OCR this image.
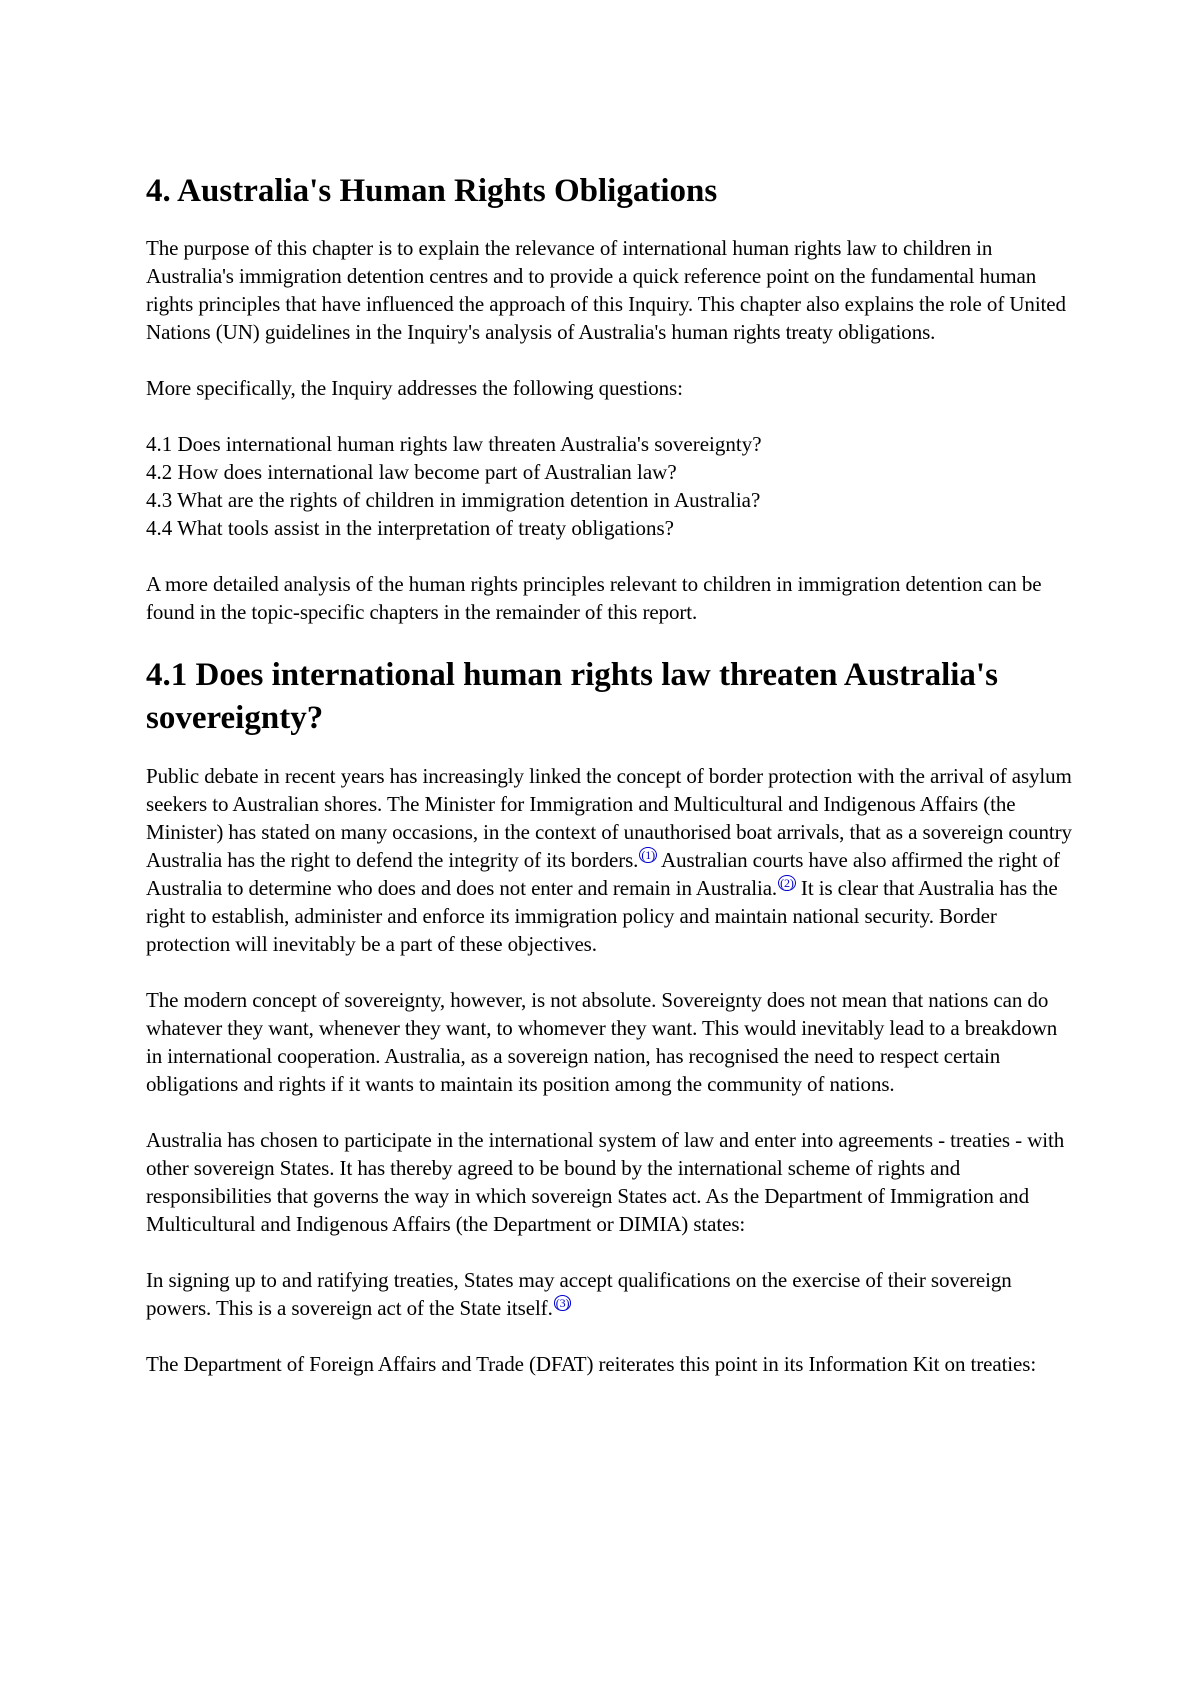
4. Australia's Human Rights Obligations

The purpose of this chapter is to explain the relevance of international human rights law to children in Australia's immigration detention centres and to provide a quick reference point on the fundamental human rights principles that have influenced the approach of this Inquiry. This chapter also explains the role of United Nations (UN) guidelines in the Inquiry's analysis of Australia's human rights treaty obligations.

More specifically, the Inquiry addresses the following questions:

4.1 Does international human rights law threaten Australia's sovereignty?
4.2 How does international law become part of Australian law?
4.3 What are the rights of children in immigration detention in Australia?
4.4 What tools assist in the interpretation of treaty obligations?

A more detailed analysis of the human rights principles relevant to children in immigration detention can be found in the topic-specific chapters in the remainder of this report.

4.1 Does international human rights law threaten Australia's sovereignty?

Public debate in recent years has increasingly linked the concept of border protection with the arrival of asylum seekers to Australian shores. The Minister for Immigration and Multicultural and Indigenous Affairs (the Minister) has stated on many occasions, in the context of unauthorised boat arrivals, that as a sovereign country Australia has the right to defend the integrity of its borders. $^{(1)}$ Australian courts have also affirmed the right of Australia to determine who does and does not enter and remain in Australia. $^{(2)}$ It is clear that Australia has the right to establish, administer and enforce its immigration policy and maintain national security. Border protection will inevitably be a part of these objectives.

The modern concept of sovereignty, however, is not absolute. Sovereignty does not mean that nations can do whatever they want, whenever they want, to whomever they want. This would inevitably lead to a breakdown in international cooperation. Australia, as a sovereign nation, has recognised the need to respect certain obligations and rights if it wants to maintain its position among the community of nations.

Australia has chosen to participate in the international system of law and enter into agreements - treaties - with other sovereign States. It has thereby agreed to be bound by the international scheme of rights and responsibilities that governs the way in which sovereign States act. As the Department of Immigration and Multicultural and Indigenous Affairs (the Department or DIMIA) states:

In signing up to and ratifying treaties, States may accept qualifications on the exercise of their sovereign powers. This is a sovereign act of the State itself. $^{(3)}$

The Department of Foreign Affairs and Trade (DFAT) reiterates this point in its Information Kit on treaties:
